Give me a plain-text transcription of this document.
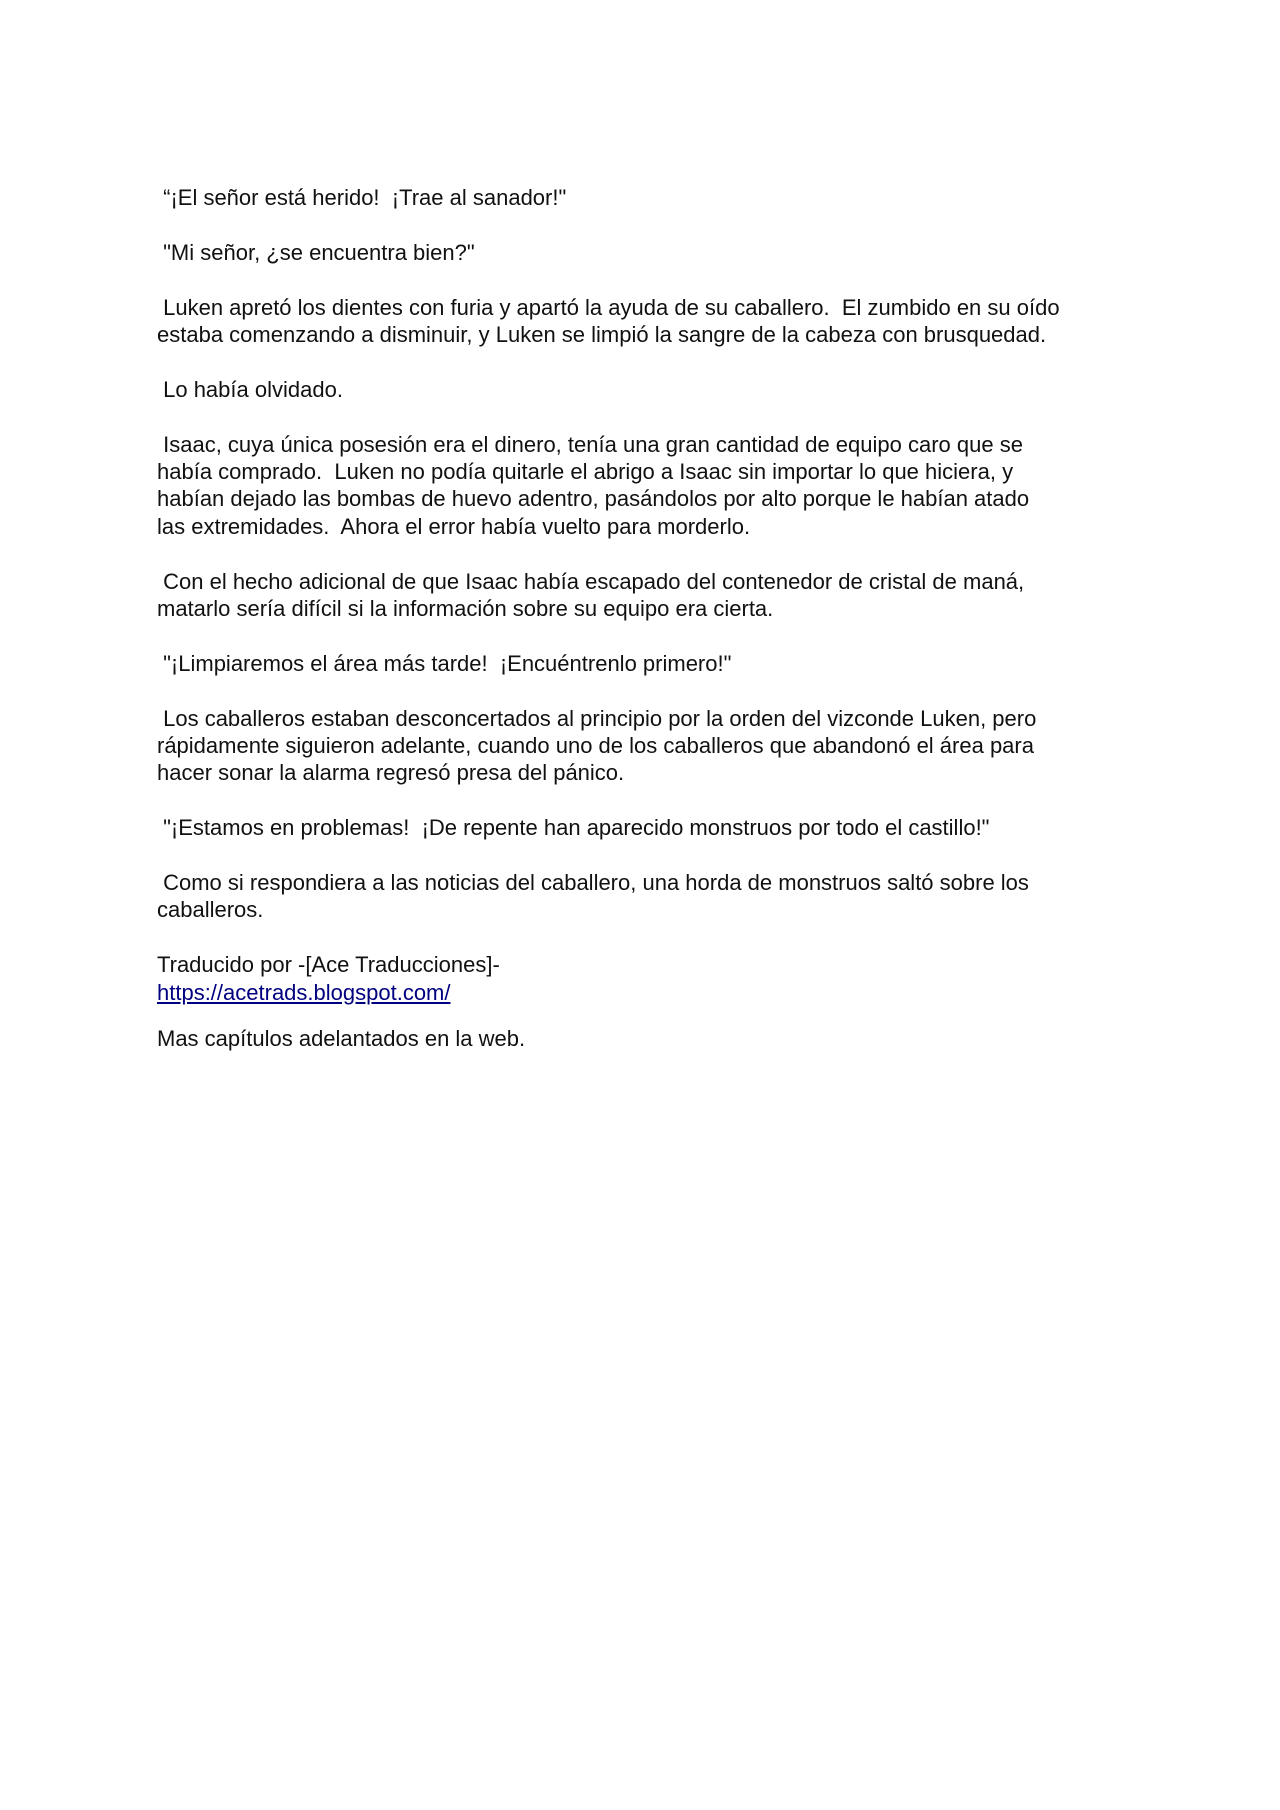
“¡El señor está herido!  ¡Trae al sanador!"

"Mi señor, ¿se encuentra bien?"

Luken apretó los dientes con furia y apartó la ayuda de su caballero.  El zumbido en su oído
estaba comenzando a disminuir, y Luken se limpió la sangre de la cabeza con brusquedad.

Lo había olvidado.

Isaac, cuya única posesión era el dinero, tenía una gran cantidad de equipo caro que se
había comprado.  Luken no podía quitarle el abrigo a Isaac sin importar lo que hiciera, y
habían dejado las bombas de huevo adentro, pasándolos por alto porque le habían atado
las extremidades.  Ahora el error había vuelto para morderlo.

Con el hecho adicional de que Isaac había escapado del contenedor de cristal de maná,
matarlo sería difícil si la información sobre su equipo era cierta.

"¡Limpiaremos el área más tarde!  ¡Encuéntrenlo primero!"

Los caballeros estaban desconcertados al principio por la orden del vizconde Luken, pero
rápidamente siguieron adelante, cuando uno de los caballeros que abandonó el área para
hacer sonar la alarma regresó presa del pánico.

"¡Estamos en problemas!  ¡De repente han aparecido monstruos por todo el castillo!"

Como si respondiera a las noticias del caballero, una horda de monstruos saltó sobre los
caballeros.

Traducido por -[Ace Traducciones]-
https://acetrads.blogspot.com/
Mas capítulos adelantados en la web.
